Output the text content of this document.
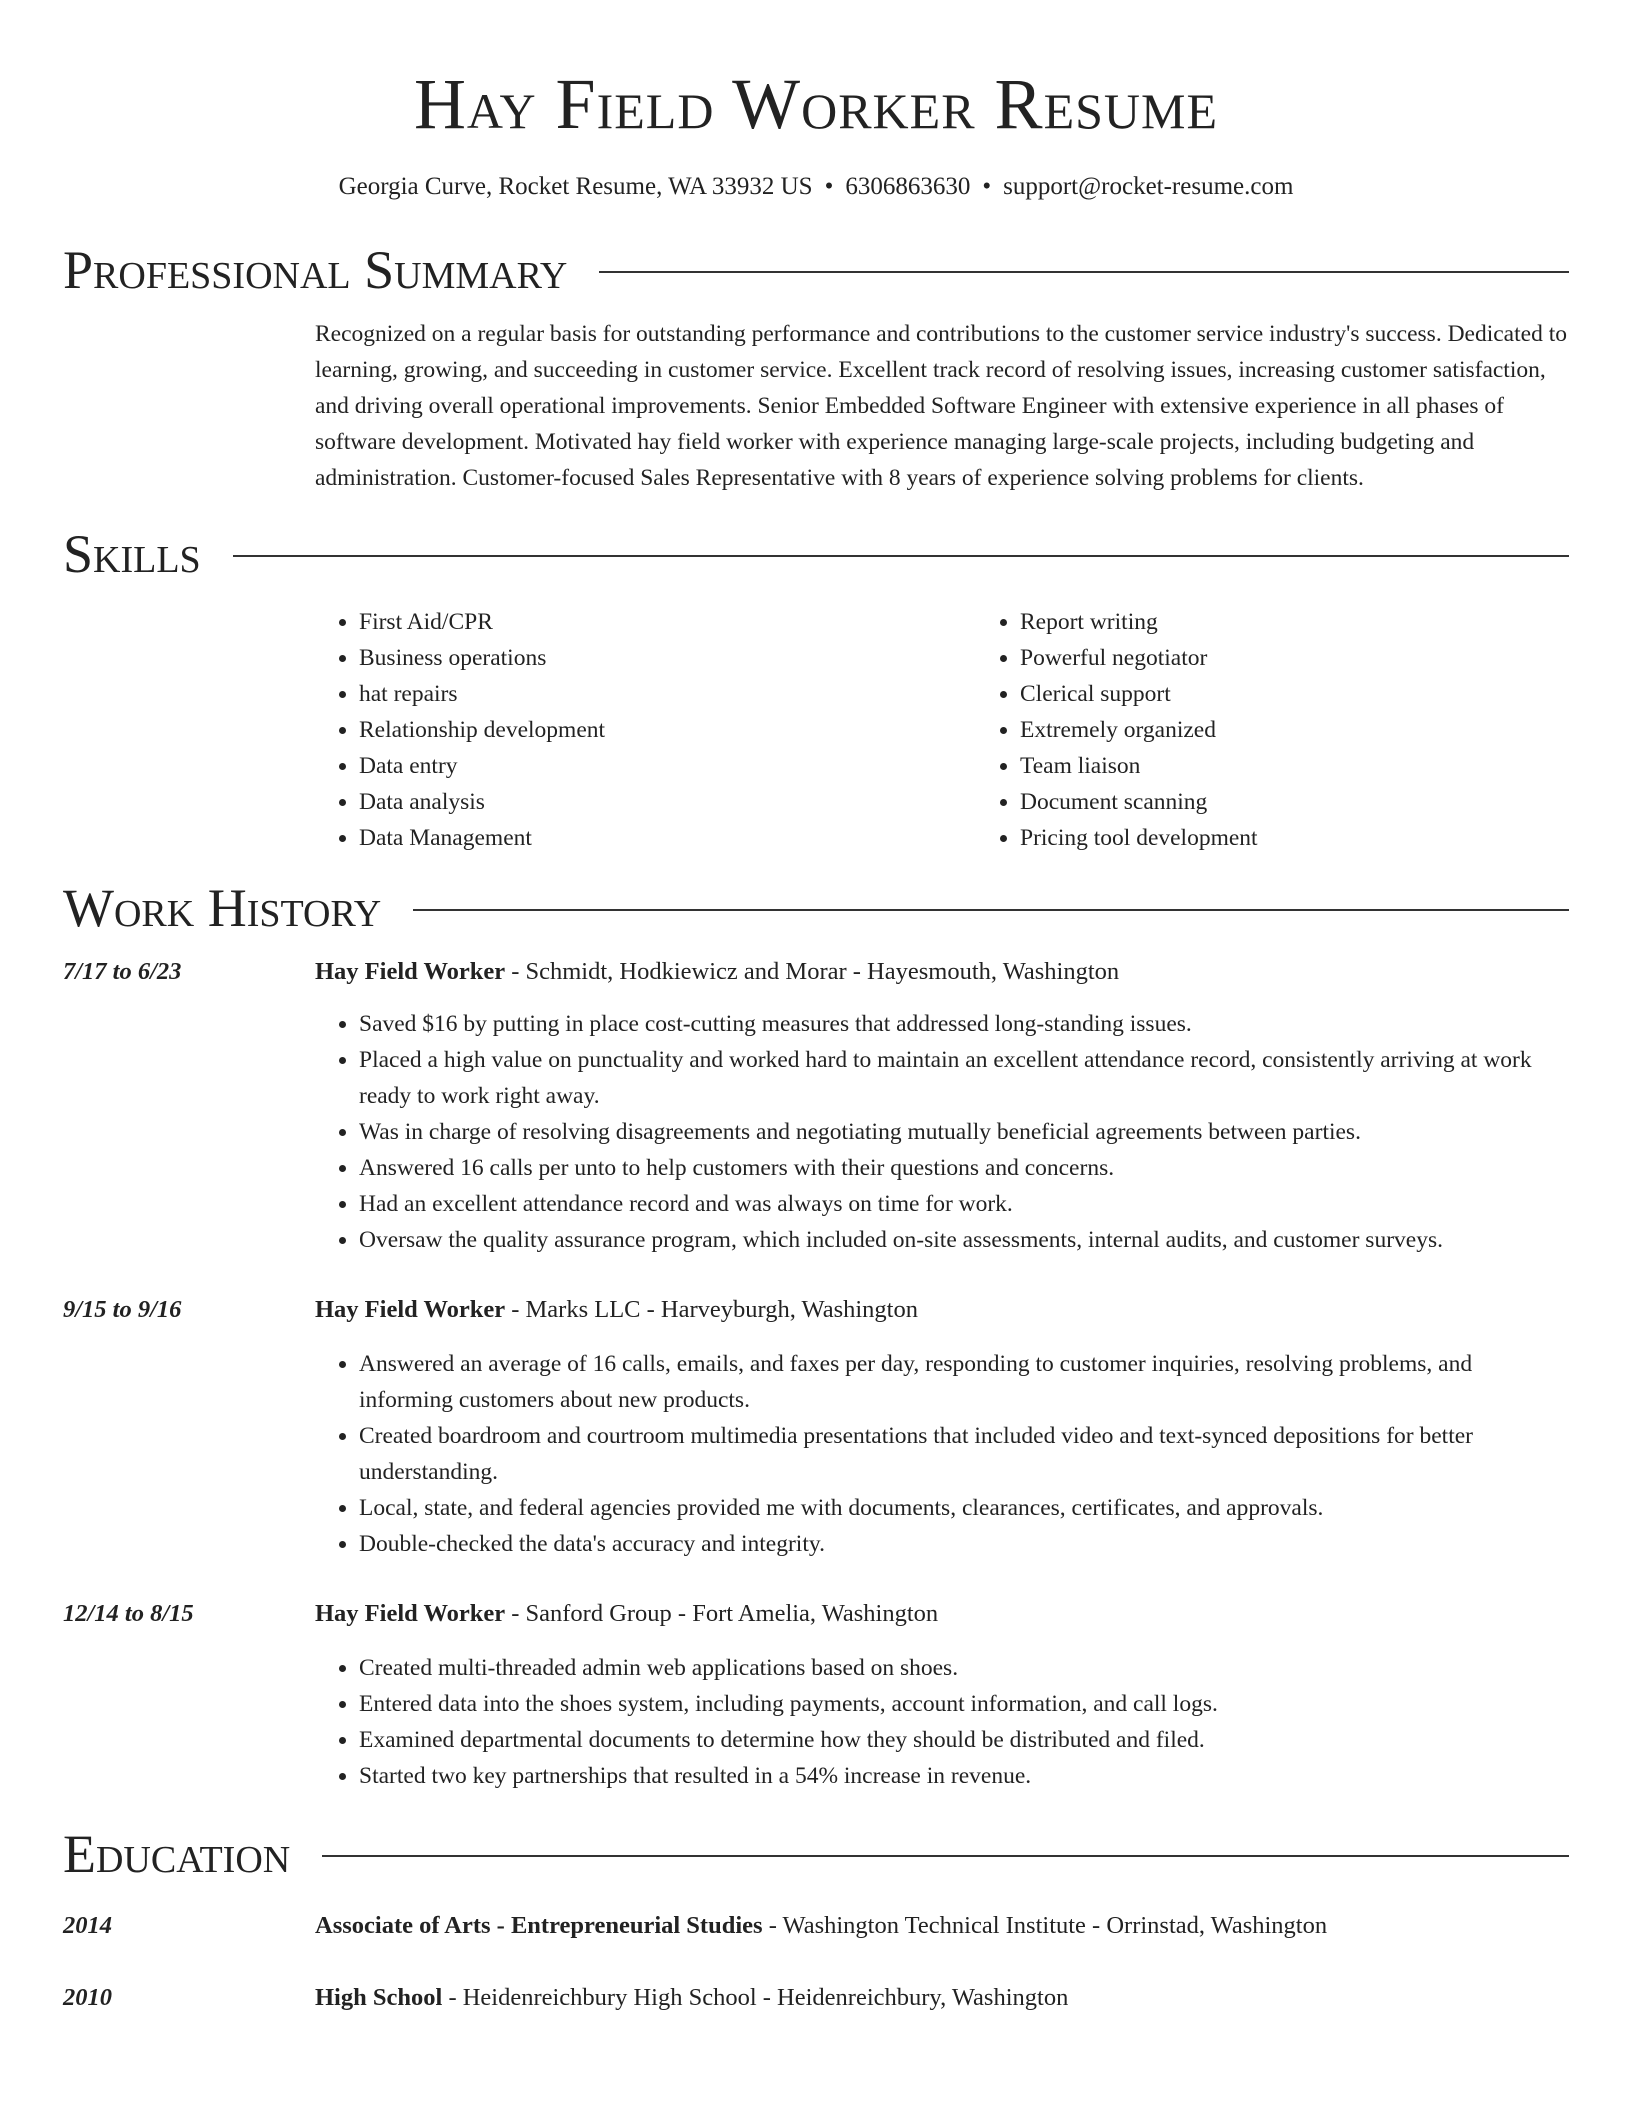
Hay Field Worker Resume
Georgia Curve, Rocket Resume, WA 33932 US • 6306863630 • support@rocket-resume.com
Professional Summary
Recognized on a regular basis for outstanding performance and contributions to the customer service industry's success. Dedicated to learning, growing, and succeeding in customer service. Excellent track record of resolving issues, increasing customer satisfaction, and driving overall operational improvements. Senior Embedded Software Engineer with extensive experience in all phases of software development. Motivated hay field worker with experience managing large-scale projects, including budgeting and administration. Customer-focused Sales Representative with 8 years of experience solving problems for clients.
Skills
• First Aid/CPR
• Business operations
• hat repairs
• Relationship development
• Data entry
• Data analysis
• Data Management
• Report writing
• Powerful negotiator
• Clerical support
• Extremely organized
• Team liaison
• Document scanning
• Pricing tool development
Work History
7/17 to 6/23	Hay Field Worker - Schmidt, Hodkiewicz and Morar - Hayesmouth, Washington
• Saved $16 by putting in place cost-cutting measures that addressed long-standing issues.
• Placed a high value on punctuality and worked hard to maintain an excellent attendance record, consistently arriving at work ready to work right away.
• Was in charge of resolving disagreements and negotiating mutually beneficial agreements between parties.
• Answered 16 calls per unto to help customers with their questions and concerns.
• Had an excellent attendance record and was always on time for work.
• Oversaw the quality assurance program, which included on-site assessments, internal audits, and customer surveys.
9/15 to 9/16	Hay Field Worker - Marks LLC - Harveyburgh, Washington
• Answered an average of 16 calls, emails, and faxes per day, responding to customer inquiries, resolving problems, and informing customers about new products.
• Created boardroom and courtroom multimedia presentations that included video and text-synced depositions for better understanding.
• Local, state, and federal agencies provided me with documents, clearances, certificates, and approvals.
• Double-checked the data's accuracy and integrity.
12/14 to 8/15	Hay Field Worker - Sanford Group - Fort Amelia, Washington
• Created multi-threaded admin web applications based on shoes.
• Entered data into the shoes system, including payments, account information, and call logs.
• Examined departmental documents to determine how they should be distributed and filed.
• Started two key partnerships that resulted in a 54% increase in revenue.
Education
2014	Associate of Arts - Entrepreneurial Studies - Washington Technical Institute - Orrinstad, Washington
2010	High School - Heidenreichbury High School - Heidenreichbury, Washington
